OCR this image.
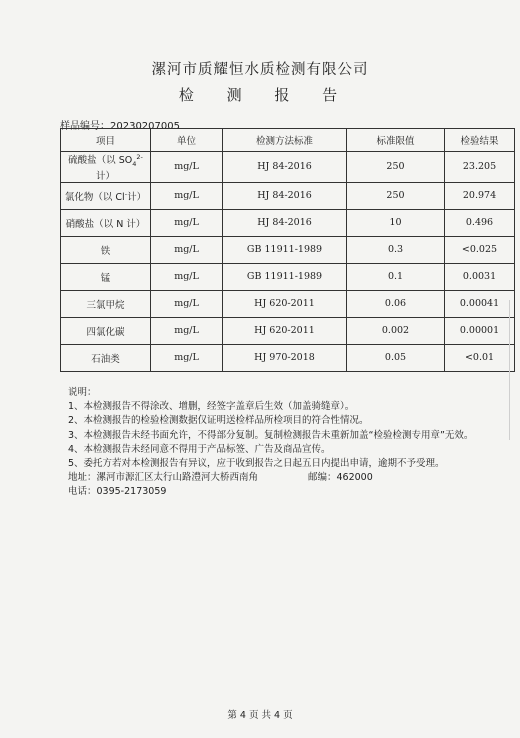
漯河市质耀恒水质检测有限公司
检 测 报 告
样品编号：20230207005
项目	单位	检测方法标准	标准限值	检验结果
硫酸盐（以 $SO_4^{2-}$计）	mg/L	HJ 84-2016	250	23.205
氯化物（以 Cl-计）	mg/L	HJ 84-2016	250	20.974
硝酸盐（以 N 计）	mg/L	HJ 84-2016	10	0.496
铁	mg/L	GB 11911-1989	0.3	<0.025
锰	mg/L	GB 11911-1989	0.1	0.0031
三氯甲烷	mg/L	HJ 620-2011	0.06	0.00041
四氯化碳	mg/L	HJ 620-2011	0.002	0.00001
石油类	mg/L	HJ 970-2018	0.05	<0.01
说明：
1、本检测报告不得涂改、增删，经签字盖章后生效（加盖骑缝章）。
2、本检测报告的检验检测数据仅证明送检样品所检项目的符合性情况。
3、本检测报告未经书面允许，不得部分复制。复制检测报告未重新加盖“检验检测专用章”无效。
4、本检测报告未经同意不得用于产品标签、广告及商品宣传。
5、委托方若对本检测报告有异议，应于收到报告之日起五日内提出申请，逾期不予受理。
地址：漯河市源汇区太行山路澧河大桥西南角	邮编：462000
电话：0395-2173059
第 4 页 共 4 页
